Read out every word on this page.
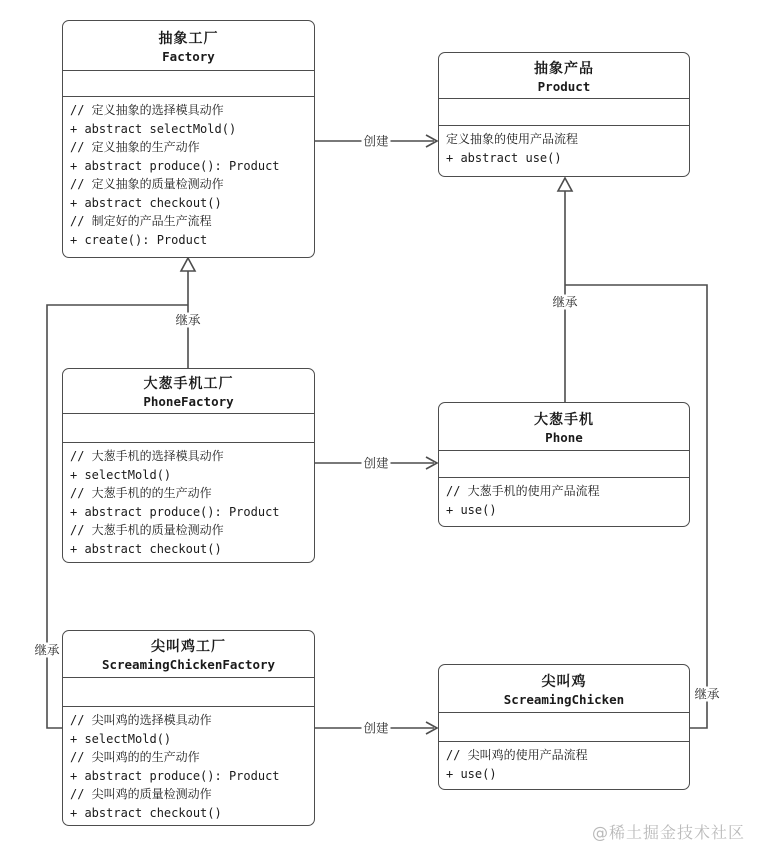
抽象工厂
Factory
// 定义抽象的选择模具动作
+ abstract selectMold()
// 定义抽象的生产动作
+ abstract produce(): Product
// 定义抽象的质量检测动作
+ abstract checkout()
// 制定好的产品生产流程
+ create(): Product
抽象产品
Product
定义抽象的使用产品流程
+ abstract use()
大葱手机工厂
PhoneFactory
// 大葱手机的选择模具动作
+ selectMold()
// 大葱手机的的生产动作
+ abstract produce(): Product
// 大葱手机的质量检测动作
+ abstract checkout()
大葱手机
Phone
// 大葱手机的使用产品流程
+ use()
尖叫鸡工厂
ScreamingChickenFactory
// 尖叫鸡的选择模具动作
+ selectMold()
// 尖叫鸡的的生产动作
+ abstract produce(): Product
// 尖叫鸡的质量检测动作
+ abstract checkout()
尖叫鸡
ScreamingChicken
// 尖叫鸡的使用产品流程
+ use()
创建
创建
创建
继承
继承
继承
继承
@稀土掘金技术社区
